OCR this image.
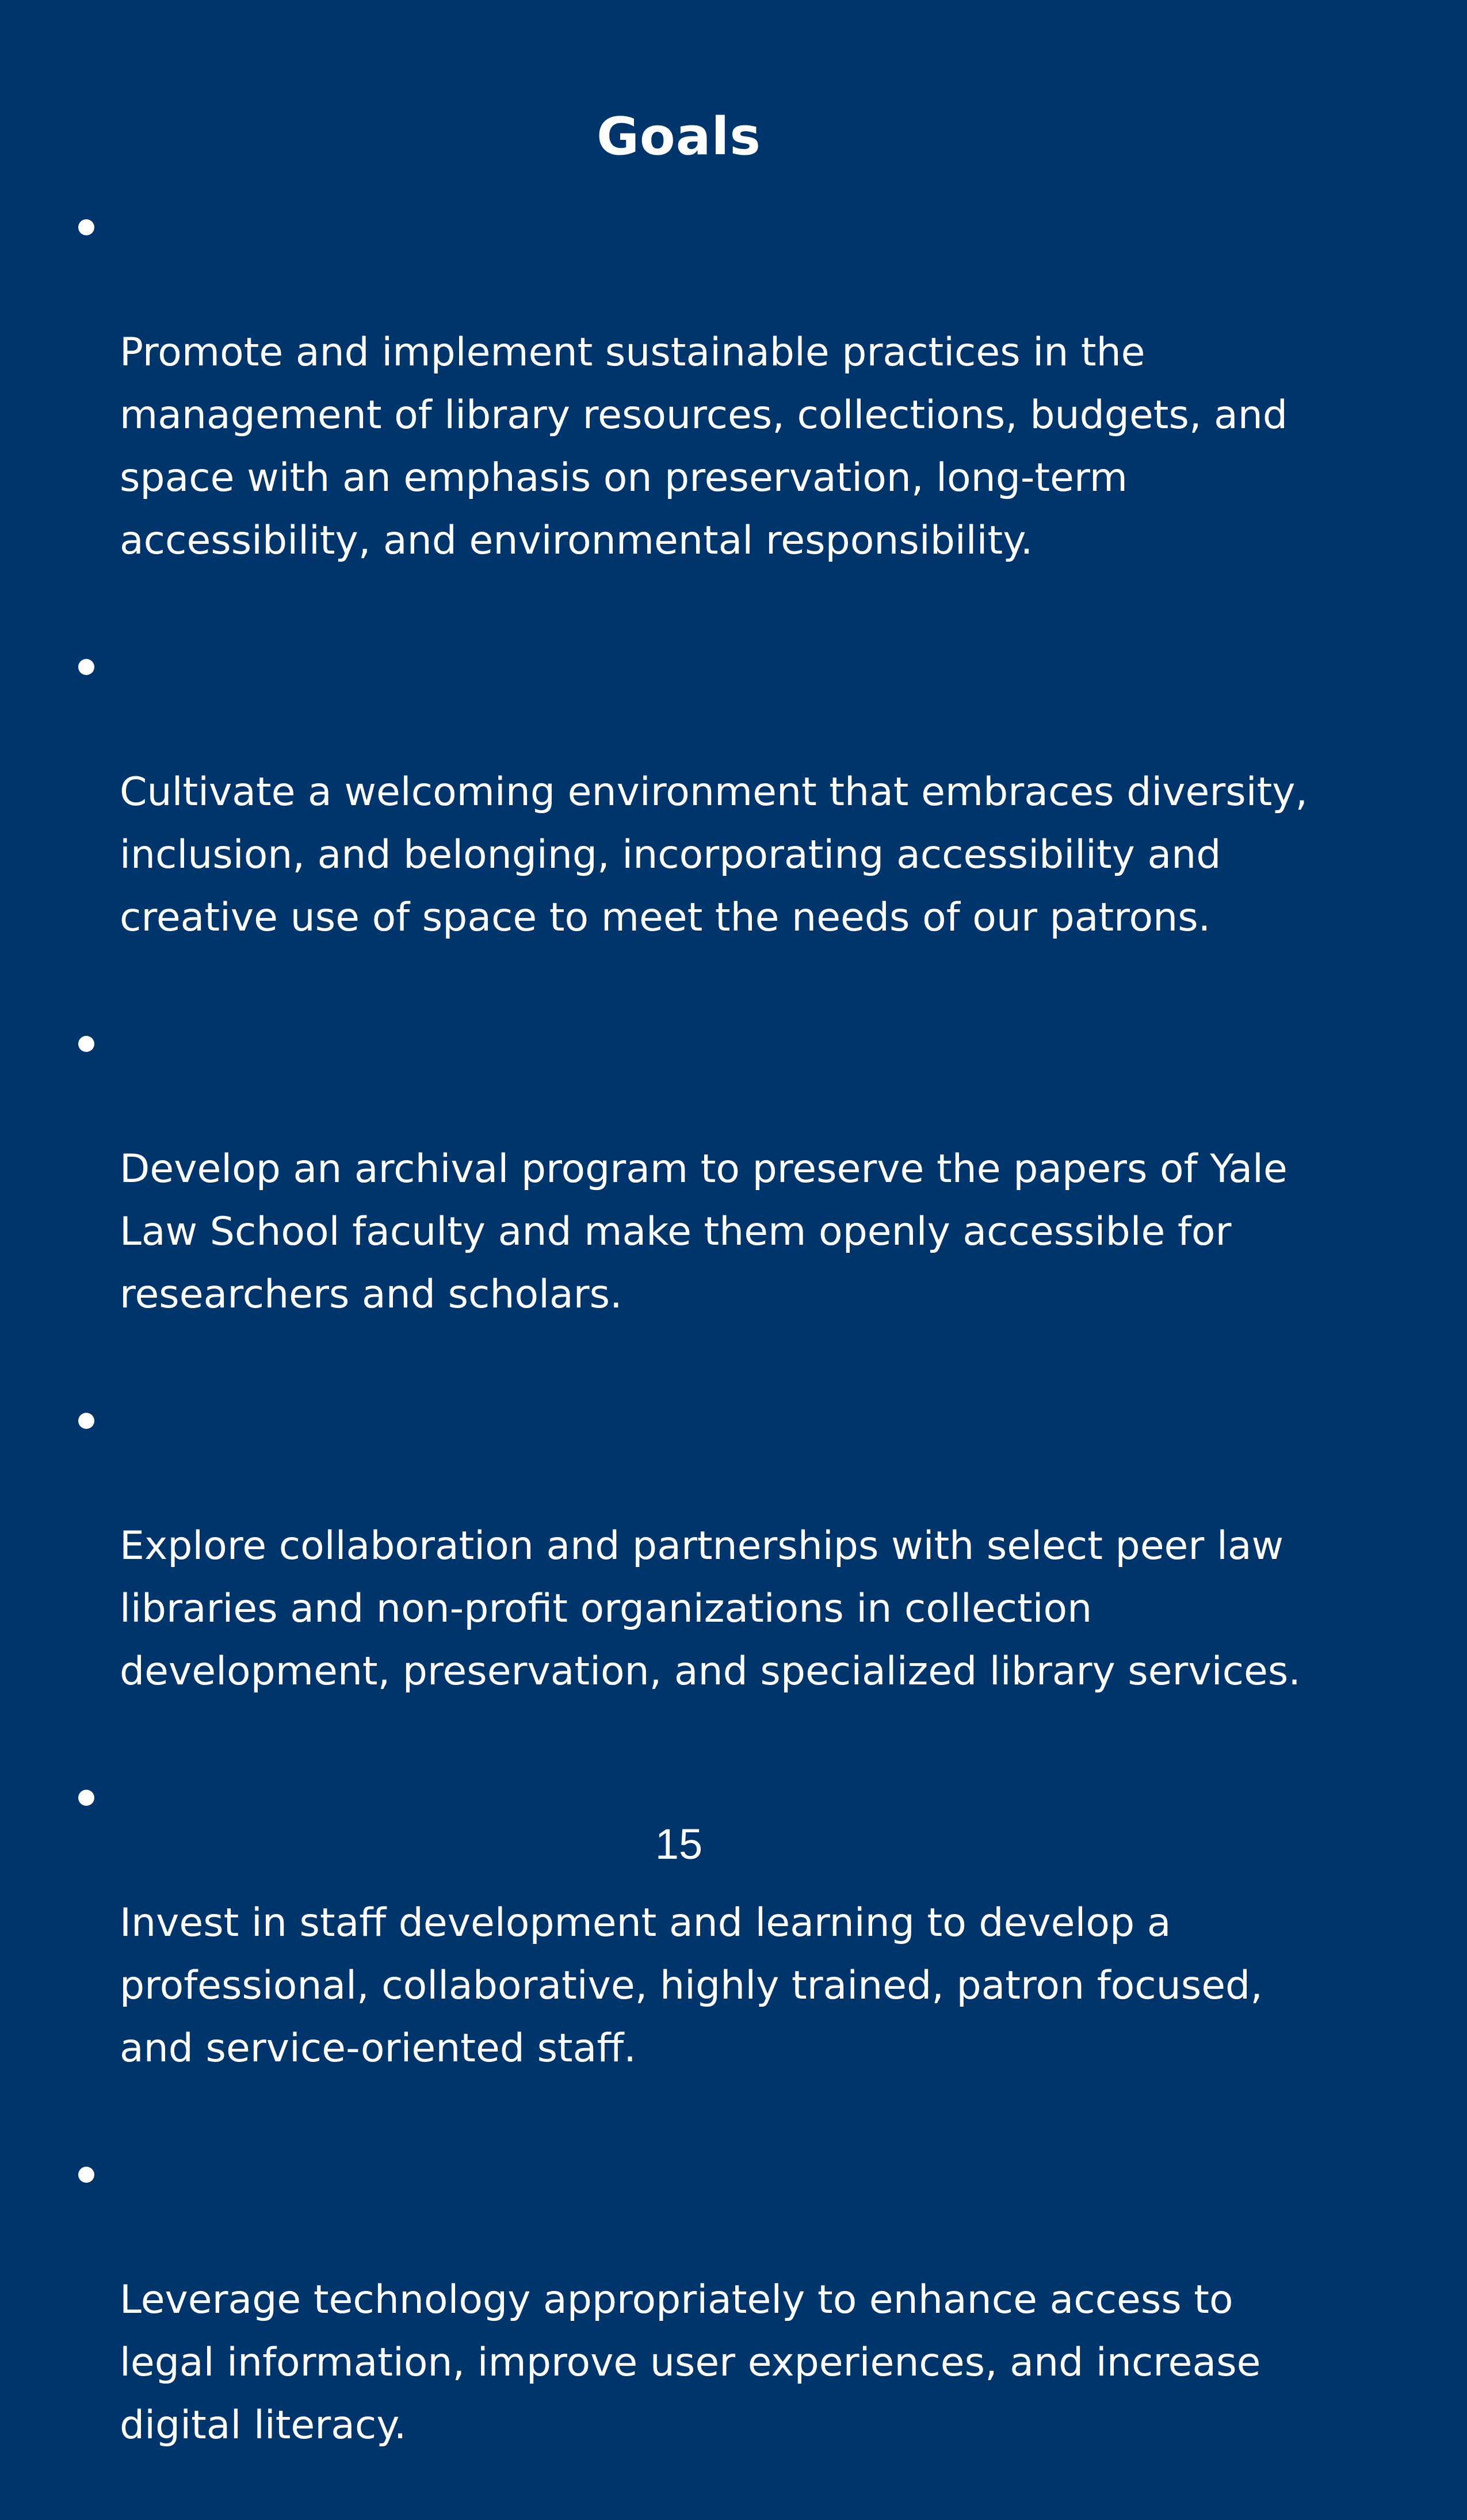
Goals

Promote and implement sustainable practices in the
management of library resources, collections, budgets, and
space with an emphasis on preservation, long-term
accessibility, and environmental responsibility.

Cultivate a welcoming environment that embraces diversity,
inclusion, and belonging, incorporating accessibility and
creative use of space to meet the needs of our patrons.

Develop an archival program to preserve the papers of Yale
Law School faculty and make them openly accessible for
researchers and scholars.

Explore collaboration and partnerships with select peer law
libraries and non-profit organizations in collection
development, preservation, and specialized library services.

Invest in staff development and learning to develop a
professional, collaborative, highly trained, patron focused,
and service-oriented staff.

Leverage technology appropriately to enhance access to
legal information, improve user experiences, and increase
digital literacy.

15
